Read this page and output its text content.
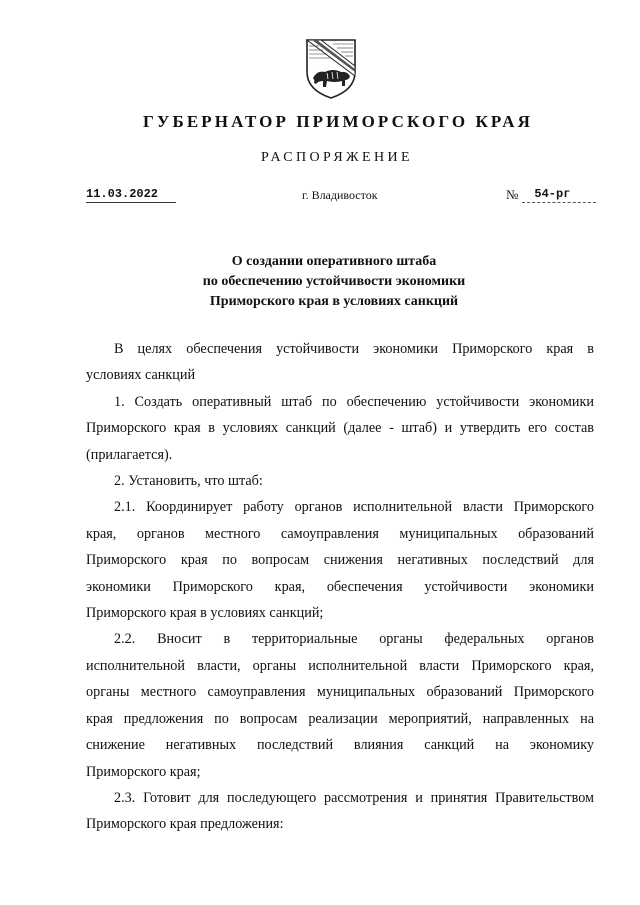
ГУБЕРНАТОР ПРИМОРСКОГО КРАЯ
РАСПОРЯЖЕНИЕ
11.03.2022	г. Владивосток	№	54-рг
О создании оперативного штаба
по обеспечению устойчивости экономики
Приморского края в условиях санкций
В целях обеспечения устойчивости экономики Приморского края в
условиях санкций
1. Создать оперативный штаб по обеспечению устойчивости экономики
Приморского края в условиях санкций (далее - штаб) и утвердить его состав
(прилагается).
2. Установить, что штаб:
2.1. Координирует работу органов исполнительной власти Приморского
края, органов местного самоуправления муниципальных образований
Приморского края по вопросам снижения негативных последствий для
экономики Приморского края, обеспечения устойчивости экономики
Приморского края в условиях санкций;
2.2. Вносит в территориальные органы федеральных органов
исполнительной власти, органы исполнительной власти Приморского края,
органы местного самоуправления муниципальных образований Приморского
края предложения по вопросам реализации мероприятий, направленных на
снижение негативных последствий влияния санкций на экономику
Приморского края;
2.3. Готовит для последующего рассмотрения и принятия Правительством
Приморского края предложения:
